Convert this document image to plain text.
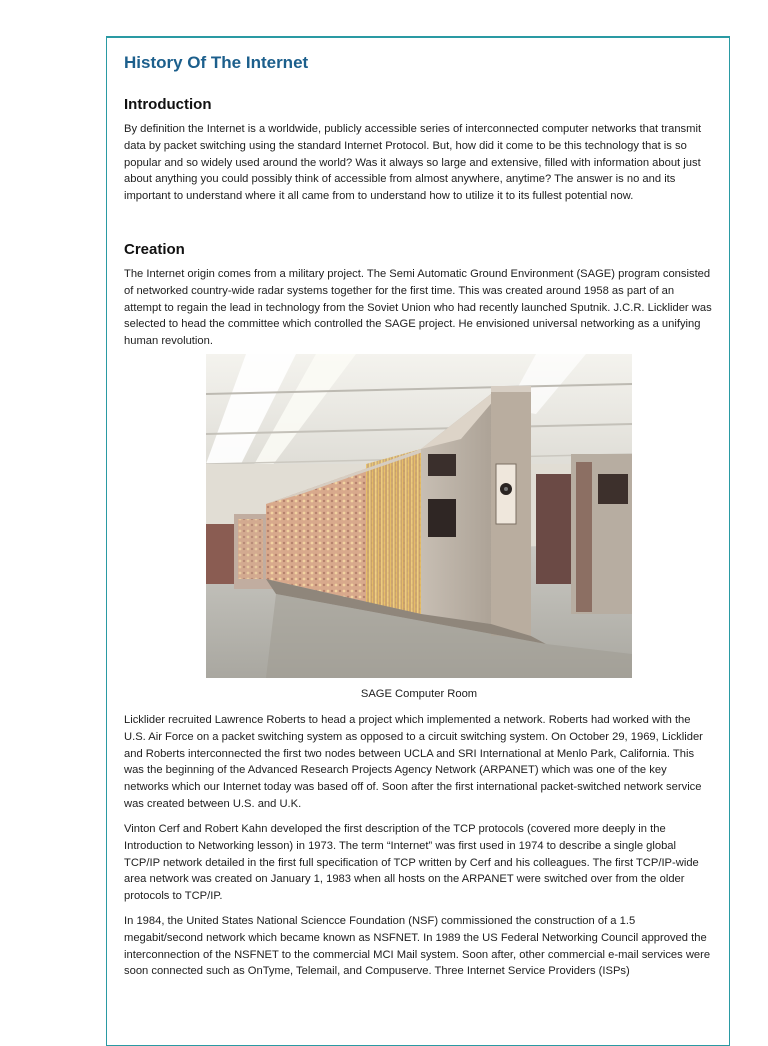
History Of The Internet
Introduction

By definition the Internet is a worldwide, publicly accessible series of interconnected computer networks that transmit data by packet switching using the standard Internet Protocol. But, how did it come to be this technology that is so popular and so widely used around the world? Was it always so large and extensive, filled with information about just about anything you could possibly think of accessible from almost anywhere, anytime? The answer is no and its important to understand where it all came from to understand how to utilize it to its fullest potential now.

Creation

The Internet origin comes from a military project. The Semi Automatic Ground Environment (SAGE) program consisted of networked country-wide radar systems together for the first time. This was created around 1958 as part of an attempt to regain the lead in technology from the Soviet Union who had recently launched Sputnik. J.C.R. Licklider was selected to head the committee which controlled the SAGE project. He envisioned universal networking as a unifying human revolution.

SAGE Computer Room

Licklider recruited Lawrence Roberts to head a project which implemented a network. Roberts had worked with the U.S. Air Force on a packet switching system as opposed to a circuit switching system. On October 29, 1969, Licklider and Roberts interconnected the first two nodes between UCLA and SRI International at Menlo Park, California. This was the beginning of the Advanced Research Projects Agency Network (ARPANET) which was one of the key networks which our Internet today was based off of. Soon after the first international packet-switched network service was created between U.S. and U.K.

Vinton Cerf and Robert Kahn developed the first description of the TCP protocols (covered more deeply in the Introduction to Networking lesson) in 1973. The term “Internet” was first used in 1974 to describe a single global TCP/IP network detailed in the first full specification of TCP written by Cerf and his colleagues. The first TCP/IP-wide area network was created on January 1, 1983 when all hosts on the ARPANET were switched over from the older protocols to TCP/IP.

In 1984, the United States National Sciencce Foundation (NSF) commissioned the construction of a 1.5 megabit/second network which became known as NSFNET. In 1989 the US Federal Networking Council approved the interconnection of the NSFNET to the commercial MCI Mail system. Soon after, other commercial e-mail services were soon connected such as OnTyme, Telemail, and Compuserve. Three Internet Service Providers (ISPs)
